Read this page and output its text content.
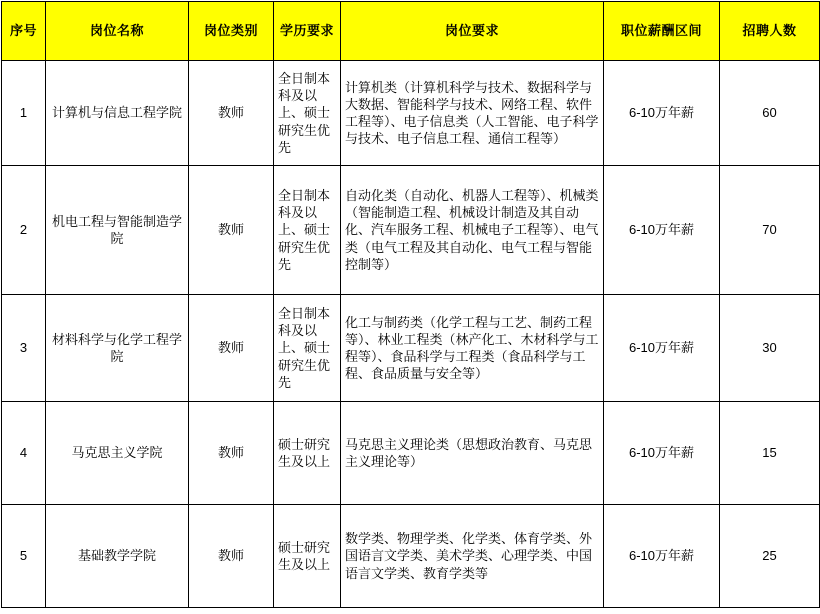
序号	岗位名称	岗位类别	学历要求	岗位要求	职位薪酬区间	招聘人数
1	计算机与信息工程学院	教师	全日制本科及以上、硕士研究生优先	计算机类（计算机科学与技术、数据科学与大数据、智能科学与技术、网络工程、软件工程等）、电子信息类（人工智能、电子科学与技术、电子信息工程、通信工程等）	6-10万年薪	60
2	机电工程与智能制造学院	教师	全日制本科及以上、硕士研究生优先	自动化类（自动化、机器人工程等）、机械类（智能制造工程、机械设计制造及其自动化、汽车服务工程、机械电子工程等）、电气类（电气工程及其自动化、电气工程与智能控制等）	6-10万年薪	70
3	材料科学与化学工程学院	教师	全日制本科及以上、硕士研究生优先	化工与制药类（化学工程与工艺、制药工程等）、林业工程类（林产化工、木材科学与工程等）、食品科学与工程类（食品科学与工程、食品质量与安全等）	6-10万年薪	30
4	马克思主义学院	教师	硕士研究生及以上	马克思主义理论类（思想政治教育、马克思主义理论等）	6-10万年薪	15
5	基础教学学院	教师	硕士研究生及以上	数学类、物理学类、化学类、体育学类、外国语言文学类、美术学类、心理学类、中国语言文学类、教育学类等	6-10万年薪	25
